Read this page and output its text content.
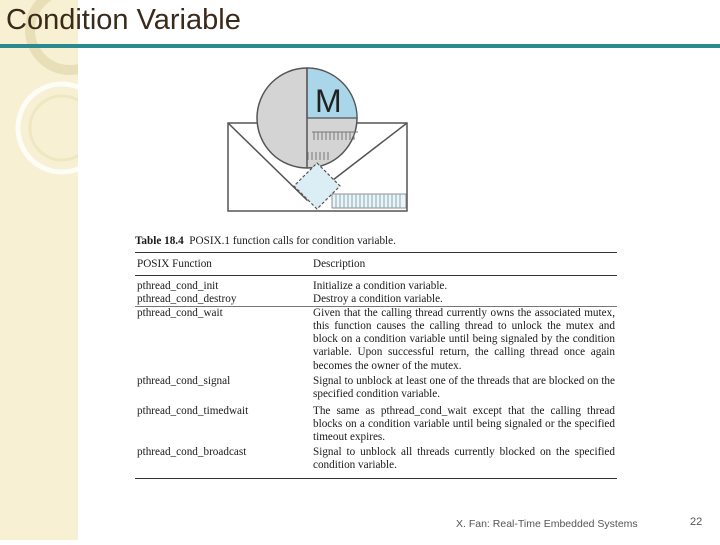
Condition Variable
M
Table 18.4 POSIX.1 function calls for condition variable.
POSIX Function	Description
pthread_cond_init	Initialize a condition variable.
pthread_cond_destroy	Destroy a condition variable.
pthread_cond_wait	Given that the calling thread currently owns the associated mutex, this function causes the calling thread to unlock the mutex and block on a condition variable until being signaled by the condition variable. Upon successful return, the calling thread once again becomes the owner of the mutex.
pthread_cond_signal	Signal to unblock at least one of the threads that are blocked on the specified condition variable.
pthread_cond_timedwait	The same as pthread_cond_wait except that the calling thread blocks on a condition variable until being signaled or the specified timeout expires.
pthread_cond_broadcast	Signal to unblock all threads currently blocked on the specified condition variable.
X. Fan: Real-Time Embedded Systems	22
